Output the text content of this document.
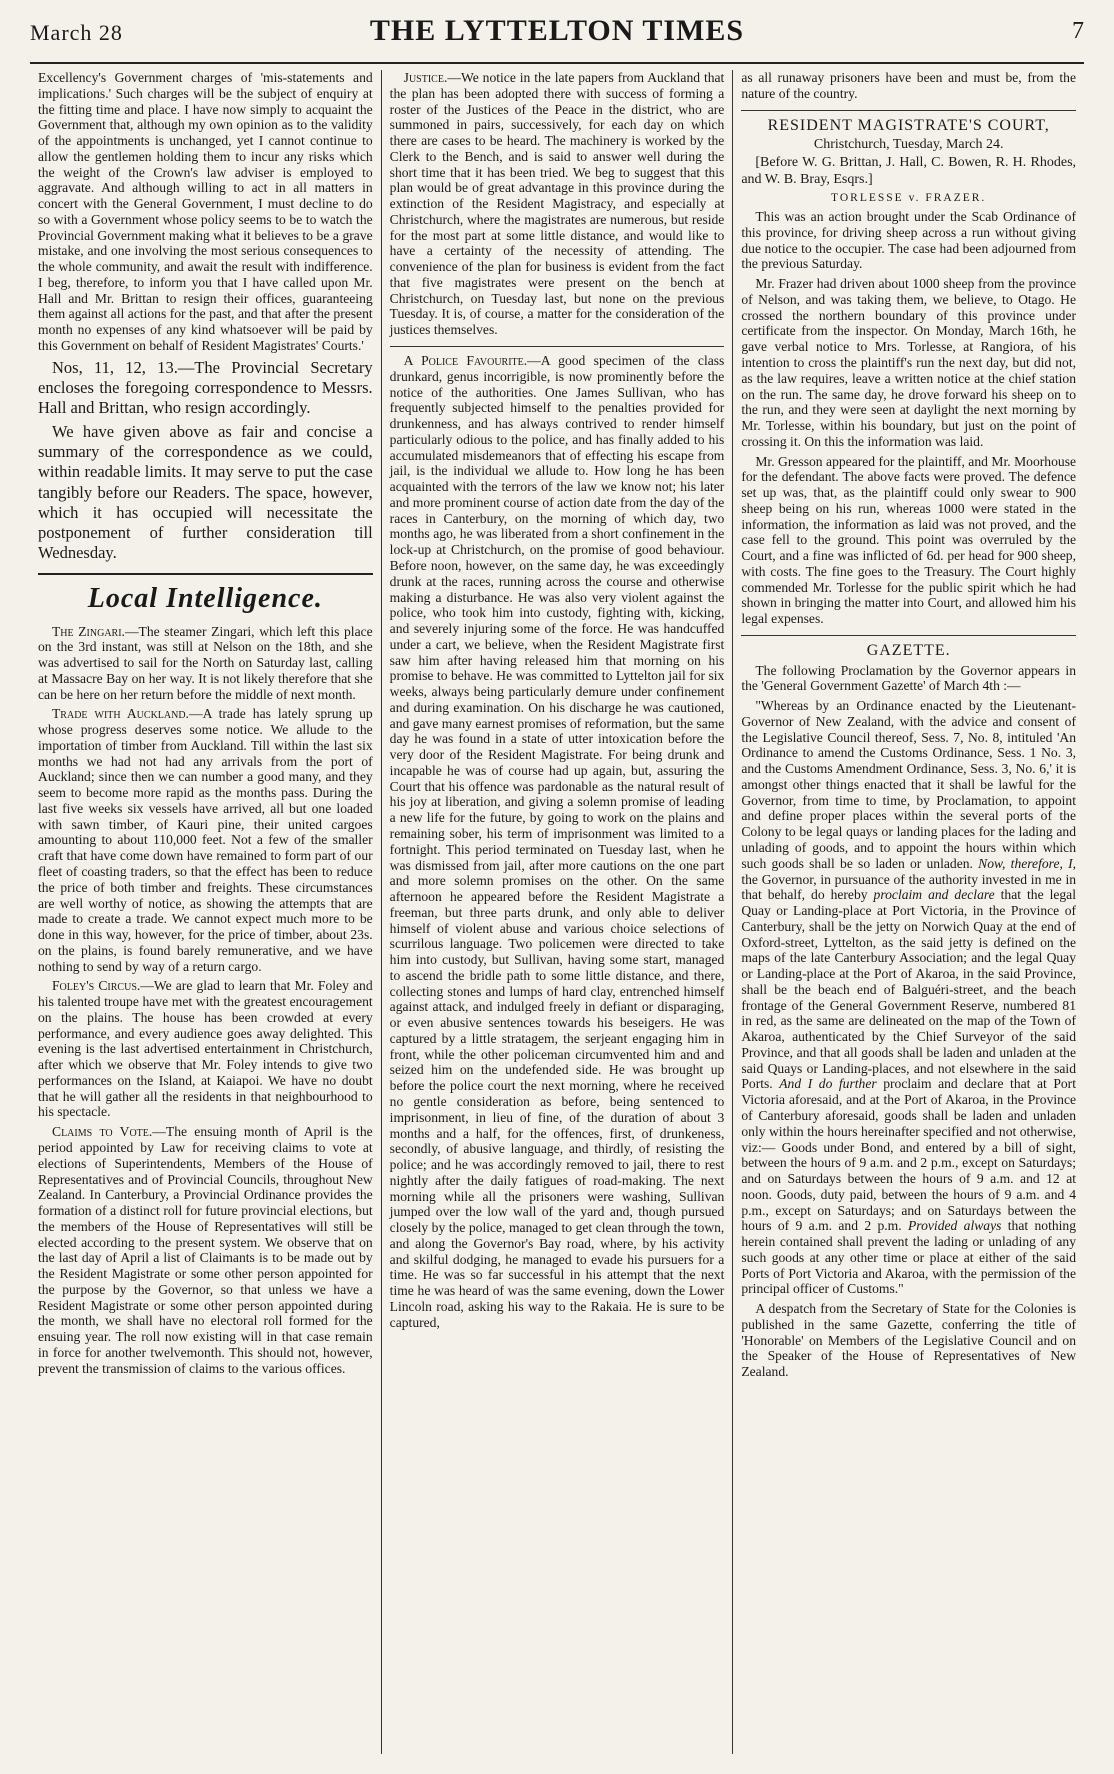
March 28	THE LYTTELTON TIMES	7

Excellency's Government charges of 'mis-statements and implications.' Such charges will be the subject of enquiry at the fitting time and place. I have now simply to acquaint the Government that, although my own opinion as to the validity of the appointments is unchanged, yet I cannot continue to allow the gentlemen holding them to incur any risks which the weight of the Crown's law adviser is employed to aggravate. And although willing to act in all matters in concert with the General Government, I must decline to do so with a Government whose policy seems to be to watch the Provincial Government making what it believes to be a grave mistake, and one involving the most serious consequences to the whole community, and await the result with indifference. I beg, therefore, to inform you that I have called upon Mr. Hall and Mr. Brittan to resign their offices, guaranteeing them against all actions for the past, and that after the present month no expenses of any kind whatsoever will be paid by this Government on behalf of Resident Magistrates' Courts.'

Nos, 11, 12, 13.—The Provincial Secretary encloses the foregoing correspondence to Messrs. Hall and Brittan, who resign accordingly.

We have given above as fair and concise a summary of the correspondence as we could, within readable limits. It may serve to put the case tangibly before our Readers. The space, however, which it has occupied will necessitate the postponement of further consideration till Wednesday.

Local Intelligence.

The Zingari.—The steamer Zingari, which left this place on the 3rd instant, was still at Nelson on the 18th, and she was advertised to sail for the North on Saturday last, calling at Massacre Bay on her way. It is not likely therefore that she can be here on her return before the middle of next month.

Trade with Auckland.—A trade has lately sprung up whose progress deserves some notice. We allude to the importation of timber from Auckland. Till within the last six months we had not had any arrivals from the port of Auckland; since then we can number a good many, and they seem to become more rapid as the months pass. During the last five weeks six vessels have arrived, all but one loaded with sawn timber, of Kauri pine, their united cargoes amounting to about 110,000 feet. Not a few of the smaller craft that have come down have remained to form part of our fleet of coasting traders, so that the effect has been to reduce the price of both timber and freights. These circumstances are well worthy of notice, as showing the attempts that are made to create a trade. We cannot expect much more to be done in this way, however, for the price of timber, about 23s. on the plains, is found barely remunerative, and we have nothing to send by way of a return cargo.

Foley's Circus.—We are glad to learn that Mr. Foley and his talented troupe have met with the greatest encouragement on the plains. The house has been crowded at every performance, and every audience goes away delighted. This evening is the last advertised entertainment in Christchurch, after which we observe that Mr. Foley intends to give two performances on the Island, at Kaiapoi. We have no doubt that he will gather all the residents in that neighbourhood to his spectacle.

Claims to Vote.—The ensuing month of April is the period appointed by Law for receiving claims to vote at elections of Superintendents, Members of the House of Representatives and of Provincial Councils, throughout New Zealand. In Canterbury, a Provincial Ordinance provides the formation of a distinct roll for future provincial elections, but the members of the House of Representatives will still be elected according to the present system. We observe that on the last day of April a list of Claimants is to be made out by the Resident Magistrate or some other person appointed for the purpose by the Governor, so that unless we have a Resident Magistrate or some other person appointed during the month, we shall have no electoral roll formed for the ensuing year. The roll now existing will in that case remain in force for another twelvemonth. This should not, however, prevent the transmission of claims to the various offices.

Justice.—We notice in the late papers from Auckland that the plan has been adopted there with success of forming a roster of the Justices of the Peace in the district, who are summoned in pairs, successively, for each day on which there are cases to be heard. The machinery is worked by the Clerk to the Bench, and is said to answer well during the short time that it has been tried. We beg to suggest that this plan would be of great advantage in this province during the extinction of the Resident Magistracy, and especially at Christchurch, where the magistrates are numerous, but reside for the most part at some little distance, and would like to have a certainty of the necessity of attending. The convenience of the plan for business is evident from the fact that five magistrates were present on the bench at Christchurch, on Tuesday last, but none on the previous Tuesday. It is, of course, a matter for the consideration of the justices themselves.

A Police Favourite.—A good specimen of the class drunkard, genus incorrigible, is now prominently before the notice of the authorities. One James Sullivan, who has frequently subjected himself to the penalties provided for drunkenness, and has always contrived to render himself particularly odious to the police, and has finally added to his accumulated misdemeanors that of effecting his escape from jail, is the individual we allude to. How long he has been acquainted with the terrors of the law we know not; his later and more prominent course of action date from the day of the races in Canterbury, on the morning of which day, two months ago, he was liberated from a short confinement in the lock-up at Christchurch, on the promise of good behaviour. Before noon, however, on the same day, he was exceedingly drunk at the races, running across the course and otherwise making a disturbance. He was also very violent against the police, who took him into custody, fighting with, kicking, and severely injuring some of the force. He was handcuffed under a cart, we believe, when the Resident Magistrate first saw him after having released him that morning on his promise to behave. He was committed to Lyttelton jail for six weeks, always being particularly demure under confinement and during examination. On his discharge he was cautioned, and gave many earnest promises of reformation, but the same day he was found in a state of utter intoxication before the very door of the Resident Magistrate. For being drunk and incapable he was of course had up again, but, assuring the Court that his offence was pardonable as the natural result of his joy at liberation, and giving a solemn promise of leading a new life for the future, by going to work on the plains and remaining sober, his term of imprisonment was limited to a fortnight. This period terminated on Tuesday last, when he was dismissed from jail, after more cautions on the one part and more solemn promises on the other. On the same afternoon he appeared before the Resident Magistrate a freeman, but three parts drunk, and only able to deliver himself of violent abuse and various choice selections of scurrilous language. Two policemen were directed to take him into custody, but Sullivan, having some start, managed to ascend the bridle path to some little distance, and there, collecting stones and lumps of hard clay, entrenched himself against attack, and indulged freely in defiant or disparaging, or even abusive sentences towards his beseigers. He was captured by a little stratagem, the serjeant engaging him in front, while the other policeman circumvented him and and seized him on the undefended side. He was brought up before the police court the next morning, where he received no gentle consideration as before, being sentenced to imprisonment, in lieu of fine, of the duration of about 3 months and a half, for the offences, first, of drunkeness, secondly, of abusive language, and thirdly, of resisting the police; and he was accordingly removed to jail, there to rest nightly after the daily fatigues of road-making. The next morning while all the prisoners were washing, Sullivan jumped over the low wall of the yard and, though pursued closely by the police, managed to get clean through the town, and along the Governor's Bay road, where, by his activity and skilful dodging, he managed to evade his pursuers for a time. He was so far successful in his attempt that the next time he was heard of was the same evening, down the Lower Lincoln road, asking his way to the Rakaia. He is sure to be captured,

as all runaway prisoners have been and must be, from the nature of the country.

RESIDENT MAGISTRATE'S COURT,
Christchurch, Tuesday, March 24.

[Before W. G. Brittan, J. Hall, C. Bowen, R. H. Rhodes, and W. B. Bray, Esqrs.]

TORLESSE v. FRAZER.

This was an action brought under the Scab Ordinance of this province, for driving sheep across a run without giving due notice to the occupier. The case had been adjourned from the previous Saturday.

Mr. Frazer had driven about 1000 sheep from the province of Nelson, and was taking them, we believe, to Otago. He crossed the northern boundary of this province under certificate from the inspector. On Monday, March 16th, he gave verbal notice to Mrs. Torlesse, at Rangiora, of his intention to cross the plaintiff's run the next day, but did not, as the law requires, leave a written notice at the chief station on the run. The same day, he drove forward his sheep on to the run, and they were seen at daylight the next morning by Mr. Torlesse, within his boundary, but just on the point of crossing it. On this the information was laid.

Mr. Gresson appeared for the plaintiff, and Mr. Moorhouse for the defendant. The above facts were proved. The defence set up was, that, as the plaintiff could only swear to 900 sheep being on his run, whereas 1000 were stated in the information, the information as laid was not proved, and the case fell to the ground. This point was overruled by the Court, and a fine was inflicted of 6d. per head for 900 sheep, with costs. The fine goes to the Treasury. The Court highly commended Mr. Torlesse for the public spirit which he had shown in bringing the matter into Court, and allowed him his legal expenses.

GAZETTE.

The following Proclamation by the Governor appears in the 'General Government Gazette' of March 4th :—

"Whereas by an Ordinance enacted by the Lieutenant-Governor of New Zealand, with the advice and consent of the Legislative Council thereof, Sess. 7, No. 8, intituled 'An Ordinance to amend the Customs Ordinance, Sess. 1 No. 3, and the Customs Amendment Ordinance, Sess. 3, No. 6,' it is amongst other things enacted that it shall be lawful for the Governor, from time to time, by Proclamation, to appoint and define proper places within the several ports of the Colony to be legal quays or landing places for the lading and unlading of goods, and to appoint the hours within which such goods shall be so laden or unladen. Now, therefore, I, the Governor, in pursuance of the authority invested in me in that behalf, do hereby proclaim and declare that the legal Quay or Landing-place at Port Victoria, in the Province of Canterbury, shall be the jetty on Norwich Quay at the end of Oxford-street, Lyttelton, as the said jetty is defined on the maps of the late Canterbury Association; and the legal Quay or Landing-place at the Port of Akaroa, in the said Province, shall be the beach end of Balguéri-street, and the beach frontage of the General Government Reserve, numbered 81 in red, as the same are delineated on the map of the Town of Akaroa, authenticated by the Chief Surveyor of the said Province, and that all goods shall be laden and unladen at the said Quays or Landing-places, and not elsewhere in the said Ports. And I do further proclaim and declare that at Port Victoria aforesaid, and at the Port of Akaroa, in the Province of Canterbury aforesaid, goods shall be laden and unladen only within the hours hereinafter specified and not otherwise, viz:— Goods under Bond, and entered by a bill of sight, between the hours of 9 a.m. and 2 p.m., except on Saturdays; and on Saturdays between the hours of 9 a.m. and 12 at noon. Goods, duty paid, between the hours of 9 a.m. and 4 p.m., except on Saturdays; and on Saturdays between the hours of 9 a.m. and 2 p.m. Provided always that nothing herein contained shall prevent the lading or unlading of any such goods at any other time or place at either of the said Ports of Port Victoria and Akaroa, with the permission of the principal officer of Customs."

A despatch from the Secretary of State for the Colonies is published in the same Gazette, conferring the title of 'Honorable' on Members of the Legislative Council and on the Speaker of the House of Representatives of New Zealand.
